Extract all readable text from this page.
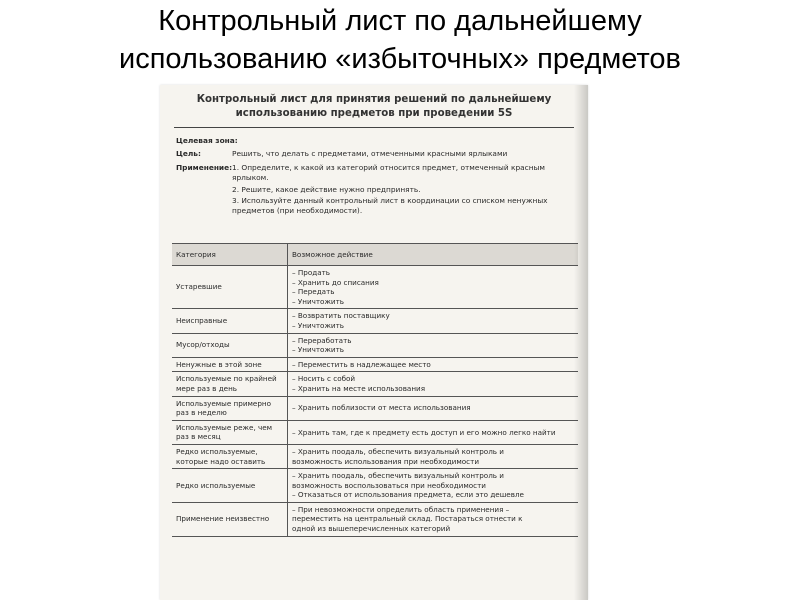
Контрольный лист по дальнейшему
использованию «избыточных» предметов
Контрольный лист для принятия решений по дальнейшему
использованию предметов при проведении 5S
Целевая зона:
Цель:	Решить, что делать с предметами, отмеченными красными ярлыками
Применение: 1. Определите, к какой из категорий относится предмет, отмеченный красным ярлыком.
2. Решите, какое действие нужно предпринять.
3. Используйте данный контрольный лист в координации со списком ненужных предметов (при необходимости).
Категория	Возможное действие
Устаревшие	– Продать
– Хранить до списания
– Передать
– Уничтожить

Неисправные	– Возвратить поставщику
– Уничтожить

Мусор/отходы	– Переработать
– Уничтожить

Ненужные в этой зоне	– Переместить в надлежащее место

Используемые по крайней мере раз в день	– Носить с собой
– Хранить на месте использования

Используемые примерно раз в неделю	– Хранить поблизости от места использования

Используемые реже, чем раз в месяц	– Хранить там, где к предмету есть доступ и его можно легко найти

Редко используемые, которые надо оставить	– Хранить поодаль, обеспечить визуальный контроль и
возможность использования при необходимости

Редко используемые	– Хранить поодаль, обеспечить визуальный контроль и
возможность воспользоваться при необходимости
– Отказаться от использования предмета, если это дешевле

Применение неизвестно	– При невозможности определить область применения –
переместить на центральный склад. Постараться отнести к
одной из вышеперечисленных категорий
